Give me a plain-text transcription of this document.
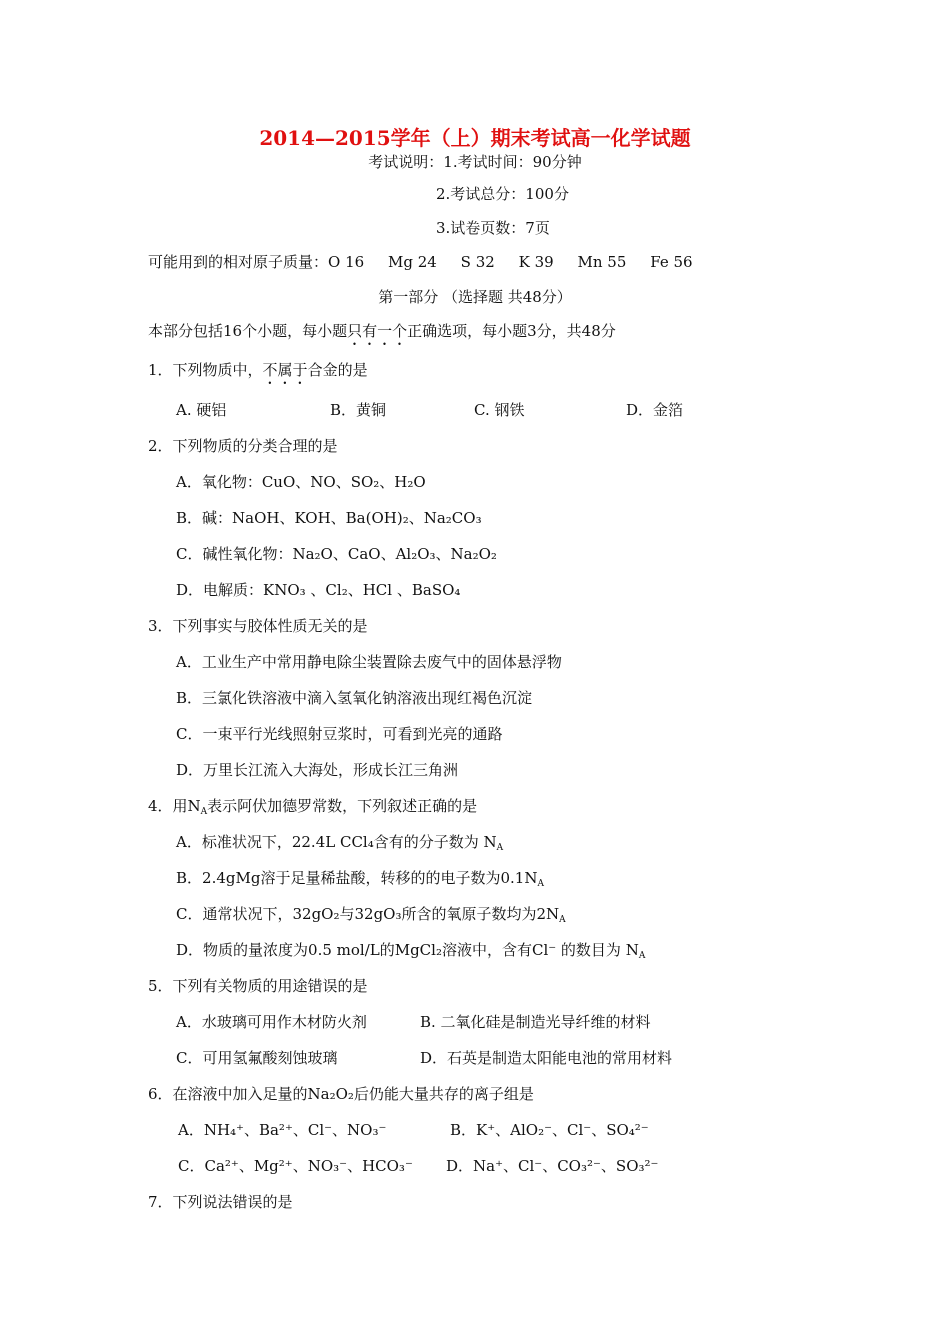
2014—2015学年（上）期末考试高一化学试题
考试说明：1.考试时间：90分钟
2.考试总分：100分
3.试卷页数：7页
可能用到的相对原子质量：O 16     Mg 24     S 32     K 39     Mn 55     Fe 56
第一部分 （选择题 共48分）
本部分包括16个小题，每小题只有一个正确选项，每小题3分，共48分
1．下列物质中，不属于合金的是
A. 硬铝	B．黄铜	C. 钢铁	D．金箔
2．下列物质的分类合理的是
A．氧化物：CuO、NO、SO₂、H₂O
B．碱：NaOH、KOH、Ba(OH)₂、Na₂CO₃
C．碱性氧化物：Na₂O、CaO、Al₂O₃、Na₂O₂
D．电解质：KNO₃ 、Cl₂、HCl 、BaSO₄
3．下列事实与胶体性质无关的是
A．工业生产中常用静电除尘装置除去废气中的固体悬浮物
B．三氯化铁溶液中滴入氢氧化钠溶液出现红褐色沉淀
C．一束平行光线照射豆浆时，可看到光亮的通路
D．万里长江流入大海处，形成长江三角洲
4．用$N_A$表示阿伏加德罗常数，下列叙述正确的是
A．标准状况下，22.4L CCl₄含有的分子数为 $N_A$
B．2.4gMg溶于足量稀盐酸，转移的的电子数为$0.1N_A$
C．通常状况下，32gO₂与32gO₃所含的氧原子数均为$2N_A$
D．物质的量浓度为0.5 mol/L的MgCl₂溶液中，含有Cl⁻ 的数目为 $N_A$
5．下列有关物质的用途错误的是
A．水玻璃可用作木材防火剂	B. 二氧化硅是制造光导纤维的材料
C．可用氢氟酸刻蚀玻璃	D．石英是制造太阳能电池的常用材料
6．在溶液中加入足量的Na₂O₂后仍能大量共存的离子组是
A．NH₄⁺、Ba²⁺、Cl⁻、NO₃⁻	B．K⁺、AlO₂⁻、Cl⁻、SO₄²⁻
C．Ca²⁺、Mg²⁺、NO₃⁻、HCO₃⁻ D．Na⁺、Cl⁻、CO₃²⁻、SO₃²⁻
7．下列说法错误的是
